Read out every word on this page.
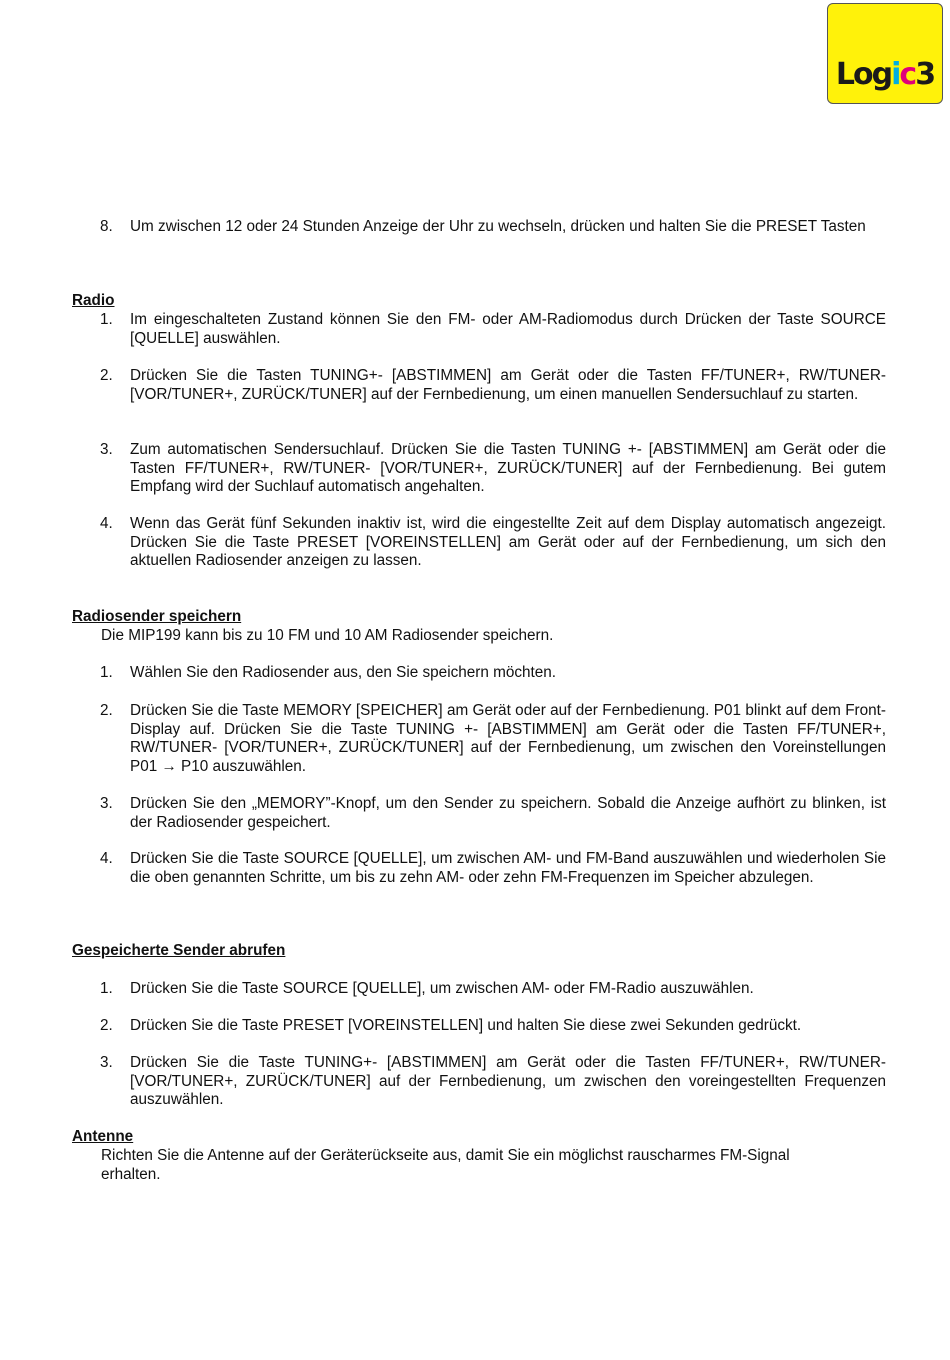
Logic3
8.	Um zwischen 12 oder 24 Stunden Anzeige der Uhr zu wechseln, drücken und halten Sie die PRESET Tasten
Radio
1.	Im eingeschalteten Zustand können Sie den FM- oder AM-Radiomodus durch Drücken der Taste SOURCE [QUELLE] auswählen.
2.	Drücken Sie die Tasten TUNING+- [ABSTIMMEN] am Gerät oder die Tasten FF/TUNER+, RW/TUNER- [VOR/TUNER+, ZURÜCK/TUNER] auf der Fernbedienung, um einen manuellen Sendersuchlauf zu starten.
3.	Zum automatischen Sendersuchlauf. Drücken Sie die Tasten TUNING +- [ABSTIMMEN] am Gerät oder die Tasten FF/TUNER+, RW/TUNER- [VOR/TUNER+, ZURÜCK/TUNER] auf der Fernbedienung. Bei gutem Empfang wird der Suchlauf automatisch angehalten.
4.	Wenn das Gerät fünf Sekunden inaktiv ist, wird die eingestellte Zeit auf dem Display automatisch angezeigt. Drücken Sie die Taste PRESET [VOREINSTELLEN] am Gerät oder auf der Fernbedienung, um sich den aktuellen Radiosender anzeigen zu lassen.
Radiosender speichern
Die MIP199 kann bis zu 10 FM und 10 AM Radiosender speichern.
1.	Wählen Sie den Radiosender aus, den Sie speichern möchten.
2.	Drücken Sie die Taste MEMORY [SPEICHER] am Gerät oder auf der Fernbedienung. P01 blinkt auf dem Front-Display auf. Drücken Sie die Taste TUNING +- [ABSTIMMEN] am Gerät oder die Tasten FF/TUNER+, RW/TUNER- [VOR/TUNER+, ZURÜCK/TUNER] auf der Fernbedienung, um zwischen den Voreinstellungen P01 → P10 auszuwählen.
3.	Drücken Sie den „MEMORY”-Knopf, um den Sender zu speichern. Sobald die Anzeige aufhört zu blinken, ist der Radiosender gespeichert.
4.	Drücken Sie die Taste SOURCE [QUELLE], um zwischen AM- und FM-Band auszuwählen und wiederholen Sie die oben genannten Schritte, um bis zu zehn AM- oder zehn FM-Frequenzen im Speicher abzulegen.
Gespeicherte Sender abrufen
1.	Drücken Sie die Taste SOURCE [QUELLE], um zwischen AM- oder FM-Radio auszuwählen.
2.	Drücken Sie die Taste PRESET [VOREINSTELLEN] und halten Sie diese zwei Sekunden gedrückt.
3.	Drücken Sie die Taste TUNING+- [ABSTIMMEN] am Gerät oder die Tasten FF/TUNER+, RW/TUNER- [VOR/TUNER+, ZURÜCK/TUNER] auf der Fernbedienung, um zwischen den voreingestellten Frequenzen auszuwählen.
Antenne
Richten Sie die Antenne auf der Geräterückseite aus, damit Sie ein möglichst rauscharmes FM-Signal erhalten.
